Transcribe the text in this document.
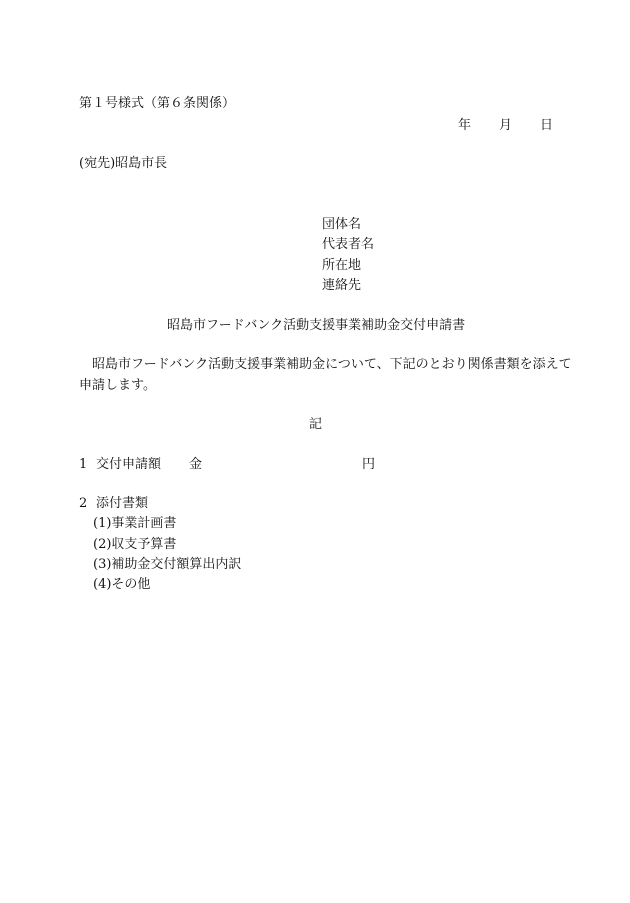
第１号様式（第６条関係）
年 月 日
(宛先)昭島市長
団体名
代表者名
所在地
連絡先
昭島市フードバンク活動支援事業補助金交付申請書
昭島市フードバンク活動支援事業補助金について、下記のとおり関係書類を添えて
申請します。
記
1 交付申請額 金	円
2 添付書類
(1)事業計画書
(2)収支予算書
(3)補助金交付額算出内訳
(4)その他
